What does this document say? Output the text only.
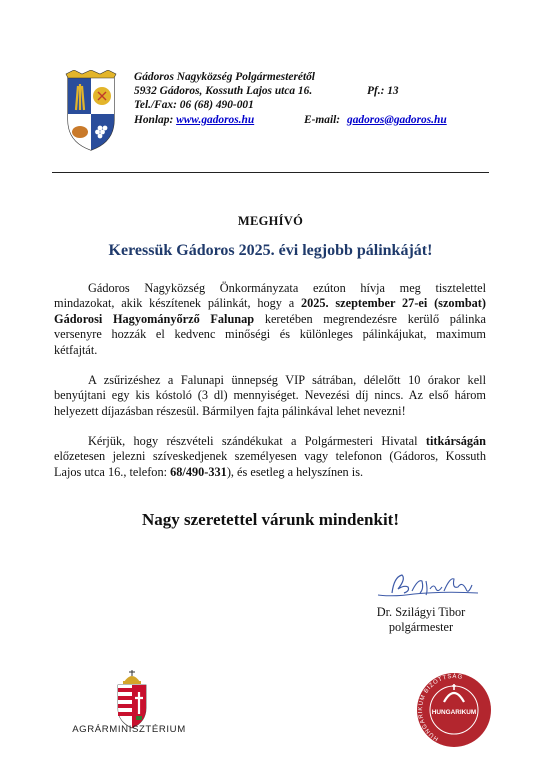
Gádoros Nagyközség Polgármesterétől
5932 Gádoros, Kossuth Lajos utca 16.	Pf.: 13
Tel./Fax: 06 (68) 490-001
Honlap: www.gadoros.hu	E-mail: gadoros@gadoros.hu
MEGHÍVÓ
Keressük Gádoros 2025. évi legjobb pálinkáját!
Gádoros Nagyközség Önkormányzata ezúton hívja meg tisztelettel
mindazokat, akik készítenek pálinkát, hogy a 2025. szeptember 27-ei (szombat)
Gádorosi Hagyományőrző Falunap keretében megrendezésre kerülő pálinka
versenyre hozzák el kedvenc minőségi és különleges pálinkájukat, maximum
kétfajtát.
A zsűrizéshez a Falunapi ünnepség VIP sátrában, délelőtt 10 órakor kell
benyújtani egy kis kóstoló (3 dl) mennyiséget. Nevezési díj nincs. Az első három
helyezett díjazásban részesül. Bármilyen fajta pálinkával lehet nevezni!
Kérjük, hogy részvételi szándékukat a Polgármesteri Hivatal titkárságán
előzetesen jelezni szíveskedjenek személyesen vagy telefonon (Gádoros, Kossuth
Lajos utca 16., telefon: 68/490-331), és esetleg a helyszínen is.
Nagy szeretettel várunk mindenkit!
Dr. Szilágyi Tibor
polgármester
AGRÁRMINISZTÉRIUM
HUNGARIKUM
HUNGARIKUM BIZOTTSÁG
